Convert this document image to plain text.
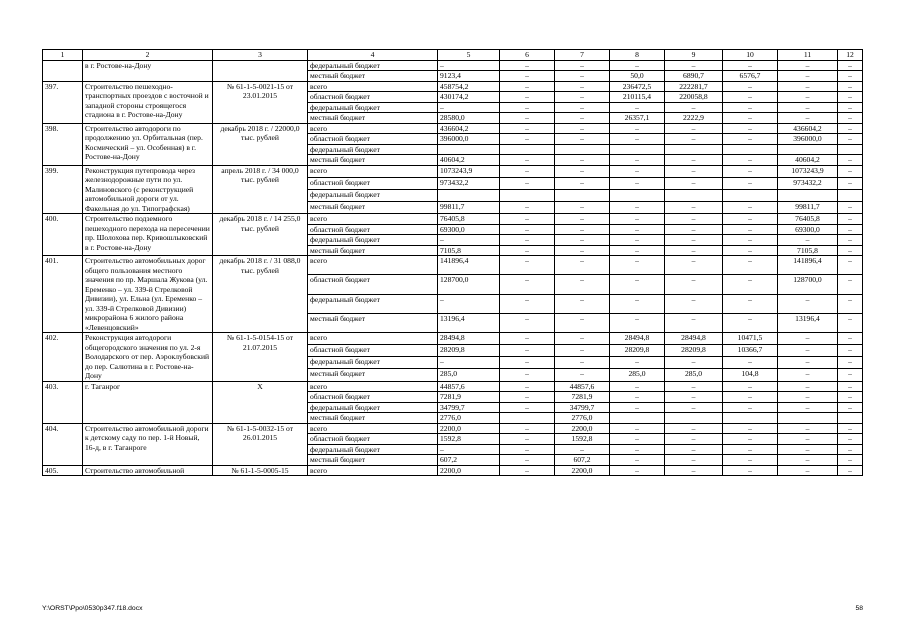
1	2	3	4	5	6	7	8	9	10	11	12
	в г. Ростове-на-Дону		федеральный бюджет	–	–	–	–	–	–	–	–
			местный бюджет	9123,4	–	–	50,0	6890,7	6576,7	–	–
397.	Строительство пешеходно-транспортных проездов с восточной и западной стороны строящегося стадиона в г. Ростове-на-Дону	№ 61-1-5-0021-15 от 23.01.2015	всего	458754,2	–	–	236472,5	222281,7	–	–	–
			областной бюджет	430174,2	–	–	210115,4	220058,8	–	–	–
			федеральный бюджет	–	–	–	–	–	–	–	–
			местный бюджет	28580,0	–	–	26357,1	2222,9	–	–	–
398.	Строительство автодороги по продолжению ул. Орбитальная (пер. Космический – ул. Особенная) в г. Ростове-на-Дону	декабрь 2018 г. / 22000,0 тыс. рублей	всего	436604,2	–	–	–	–	–	436604,2	–
			областной бюджет	396000,0	–	–	–	–	–	396000,0	–
			федеральный бюджет								
			местный бюджет	40604,2	–	–	–	–	–	40604,2	–
399.	Реконструкция путепровода через железнодорожные пути по ул. Малиновского (с реконструкцией автомобильной дороги от ул. Факельная до ул. Типографская)	апрель 2018 г. / 34 000,0 тыс. рублей	всего	1073243,9	–	–	–	–	–	1073243,9	–
			областной бюджет	973432,2	–	–	–	–	–	973432,2	–
			федеральный бюджет								
			местный бюджет	99811,7	–	–	–	–	–	99811,7	–
400.	Строительство подземного пешеходного перехода на пересечении пр. Шолохова пер. Кривошлыковский в г. Ростове-на-Дону	декабрь 2018 г. / 14 255,0 тыс. рублей	всего	76405,8	–	–	–	–	–	76405,8	–
			областной бюджет	69300,0	–	–	–	–	–	69300,0	–
			федеральный бюджет	–	–	–	–	–	–	–	–
			местный бюджет	7105,8	–	–	–	–	–	7105,8	–
401.	Строительство автомобильных дорог общего пользования местного значения по пр. Маршала Жукова (ул. Еременко – ул. 339-й Стрелковой Дивизии), ул. Ельна (ул. Еременко – ул. 339-й Стрелковой Дивизии) микрорайона 6 жилого района «Левенцовский»	декабрь 2018 г. / 31 088,0 тыс. рублей	всего	141896,4	–	–	–	–	–	141896,4	–
			областной бюджет	128700,0	–	–	–	–	–	128700,0	–
			федеральный бюджет	–	–	–	–	–	–	–	–
			местный бюджет	13196,4	–	–	–	–	–	13196,4	–
402.	Реконструкция автодороги общегородского значения по ул. 2-я Володарского от пер. Аэроклубовский до пер. Салютина в г. Ростове-на-Дону	№ 61-1-5-0154-15 от 21.07.2015	всего	28494,8	–	–	28494,8	28494,8	10471,5	–	–
			областной бюджет	28209,8	–	–	28209,8	28209,8	10366,7	–	–
			федеральный бюджет	–	–	–	–	–	–	–	–
			местный бюджет	285,0	–	–	285,0	285,0	104,8	–	–
403.	г. Таганрог	Х	всего	44857,6	–	44857,6	–	–	–	–	–
			областной бюджет	7281,9	–	7281,9	–	–	–	–	–
			федеральный бюджет	34799,7	–	34799,7	–	–	–	–	–
			местный бюджет	2776,0		2776,0					
404.	Строительство автомобильной дороги к детскому саду по пер. 1-й Новый, 16-д, в г. Таганроге	№ 61-1-5-0032-15 от 26.01.2015	всего	2200,0	–	2200,0	–	–	–	–	–
			областной бюджет	1592,8	–	1592,8	–	–	–	–	–
			федеральный бюджет	–	–	–	–	–	–	–	–
			местный бюджет	607,2	–	607,2	–	–	–	–	–
405.	Строительство автомобильной	№ 61-1-5-0005-15	всего	2200,0	–	2200,0	–	–	–	–	–
Y:\ORST\Ppo\0530p347.f18.docx	58
